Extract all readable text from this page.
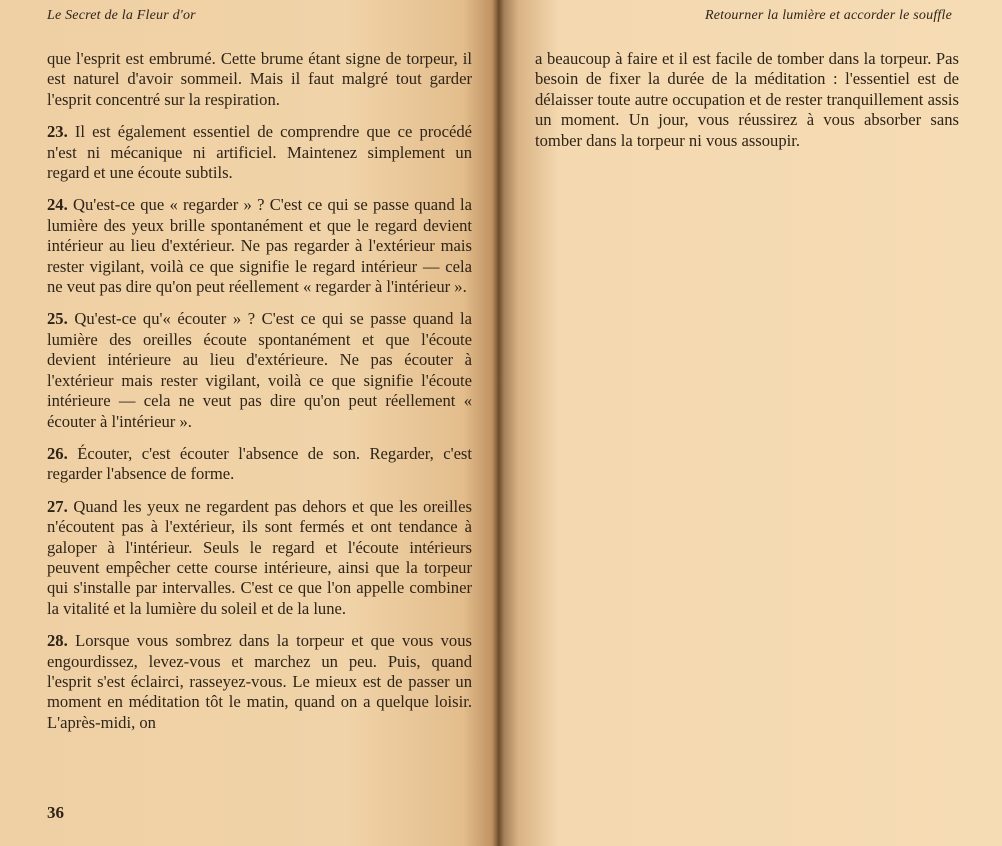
Le Secret de la Fleur d'or	Retourner la lumière et accorder le souffle

que l'esprit est embrumé. Cette brume étant signe de torpeur, il est naturel d'avoir sommeil. Mais il faut malgré tout garder l'esprit concentré sur la respiration.

23. Il est également essentiel de comprendre que ce procédé n'est ni mécanique ni artificiel. Maintenez simplement un regard et une écoute subtils.

24. Qu'est-ce que « regarder » ? C'est ce qui se passe quand la lumière des yeux brille spontanément et que le regard devient intérieur au lieu d'extérieur. Ne pas regarder à l'extérieur mais rester vigilant, voilà ce que signifie le regard intérieur — cela ne veut pas dire qu'on peut réellement « regarder à l'intérieur ».

25. Qu'est-ce qu'« écouter » ? C'est ce qui se passe quand la lumière des oreilles écoute spontanément et que l'écoute devient intérieure au lieu d'extérieure. Ne pas écouter à l'extérieur mais rester vigilant, voilà ce que signifie l'écoute intérieure — cela ne veut pas dire qu'on peut réellement « écouter à l'intérieur ».

26. Écouter, c'est écouter l'absence de son. Regarder, c'est regarder l'absence de forme.

27. Quand les yeux ne regardent pas dehors et que les oreilles n'écoutent pas à l'extérieur, ils sont fermés et ont tendance à galoper à l'intérieur. Seuls le regard et l'écoute intérieurs peuvent empêcher cette course intérieure, ainsi que la torpeur qui s'installe par intervalles. C'est ce que l'on appelle combiner la vitalité et la lumière du soleil et de la lune.

28. Lorsque vous sombrez dans la torpeur et que vous vous engourdissez, levez-vous et marchez un peu. Puis, quand l'esprit s'est éclairci, rasseyez-vous. Le mieux est de passer un moment en méditation tôt le matin, quand on a quelque loisir. L'après-midi, on

a beaucoup à faire et il est facile de tomber dans la torpeur. Pas besoin de fixer la durée de la méditation : l'essentiel est de délaisser toute autre occupation et de rester tranquillement assis un moment. Un jour, vous réussirez à vous absorber sans tomber dans la torpeur ni vous assoupir.

36
